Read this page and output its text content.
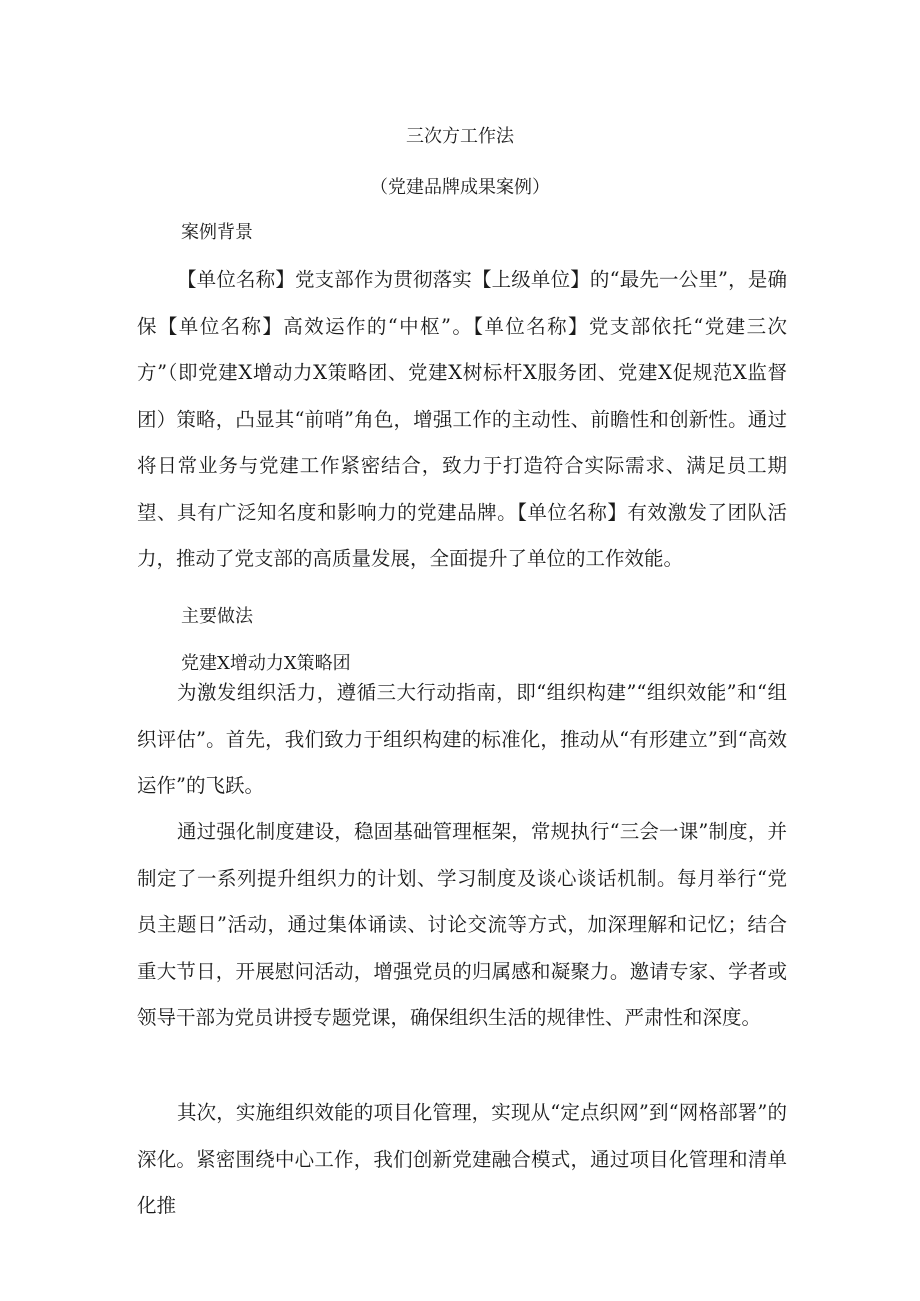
三次方工作法
（党建品牌成果案例）
案例背景
【单位名称】党支部作为贯彻落实【上级单位】的“最先一公里”，是确保【单位名称】高效运作的“中枢”。【单位名称】党支部依托“党建三次方”（即党建X增动力X策略团、党建X树标杆X服务团、党建X促规范X监督团）策略，凸显其“前哨”角色，增强工作的主动性、前瞻性和创新性。通过将日常业务与党建工作紧密结合，致力于打造符合实际需求、满足员工期望、具有广泛知名度和影响力的党建品牌。【单位名称】有效激发了团队活力，推动了党支部的高质量发展，全面提升了单位的工作效能。
主要做法
党建X增动力X策略团
为激发组织活力，遵循三大行动指南，即“组织构建”“组织效能”和“组织评估”。首先，我们致力于组织构建的标准化，推动从“有形建立”到“高效运作”的飞跃。
通过强化制度建设，稳固基础管理框架，常规执行“三会一课”制度，并制定了一系列提升组织力的计划、学习制度及谈心谈话机制。每月举行“党员主题日”活动，通过集体诵读、讨论交流等方式，加深理解和记忆；结合重大节日，开展慰问活动，增强党员的归属感和凝聚力。邀请专家、学者或领导干部为党员讲授专题党课，确保组织生活的规律性、严肃性和深度。
其次，实施组织效能的项目化管理，实现从“定点织网”到“网格部署”的深化。紧密围绕中心工作，我们创新党建融合模式，通过项目化管理和清单化推
